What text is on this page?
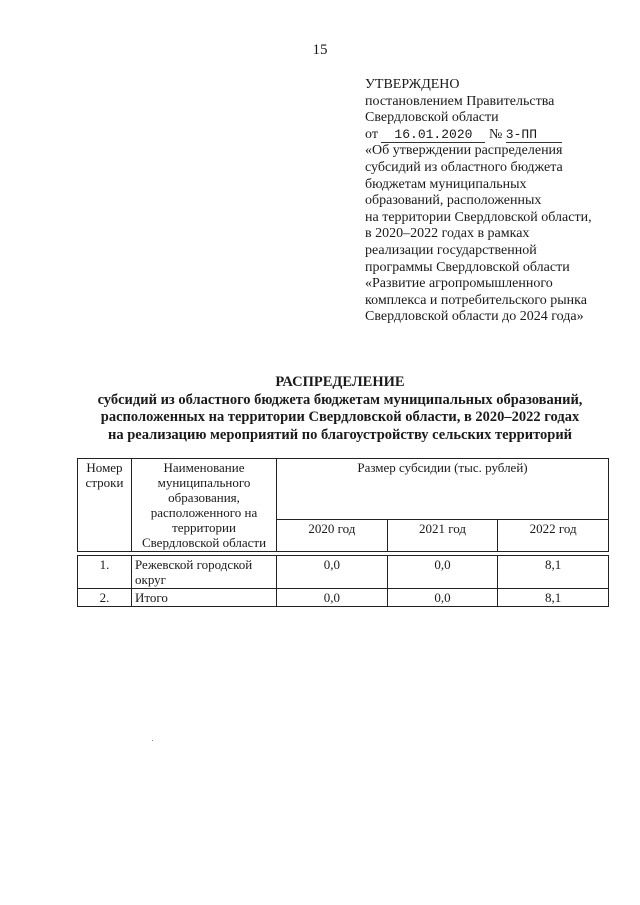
15
УТВЕРЖДЕНО
постановлением Правительства
Свердловской области
от 16.01.2020 № 3-ПП
«Об утверждении распределения
субсидий из областного бюджета
бюджетам муниципальных
образований, расположенных
на территории Свердловской области,
в 2020–2022 годах в рамках
реализации государственной
программы Свердловской области
«Развитие агропромышленного
комплекса и потребительского рынка
Свердловской области до 2024 года»
РАСПРЕДЕЛЕНИЕ
субсидий из областного бюджета бюджетам муниципальных образований,
расположенных на территории Свердловской области, в 2020–2022 годах
на реализацию мероприятий по благоустройству сельских территорий
Номер строки	Наименование муниципального образования, расположенного на территории Свердловской области	Размер субсидии (тыс. рублей)		
		2020 год	2021 год	2022 год

1.	Режевской городской округ	0,0	0,0	8,1
2.	Итого	0,0	0,0	8,1
